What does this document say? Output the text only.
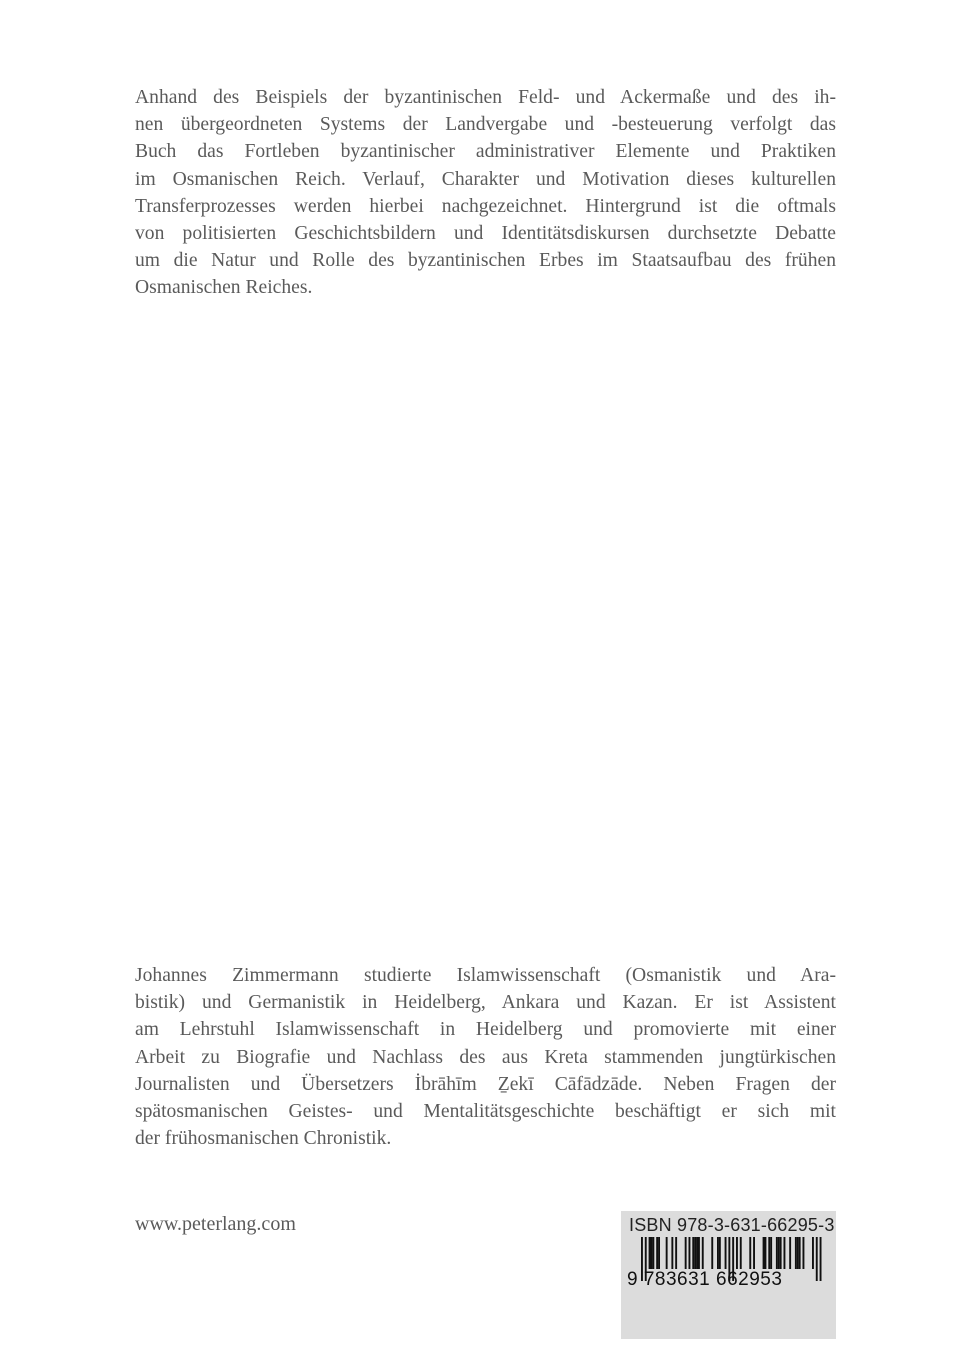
Anhand des Beispiels der byzantinischen Feld- und Ackermaße und des ih-
nen übergeordneten Systems der Landvergabe und -besteuerung verfolgt das
Buch das Fortleben byzantinischer administrativer Elemente und Praktiken
im Osmanischen Reich. Verlauf, Charakter und Motivation dieses kulturellen
Transferprozesses werden hierbei nachgezeichnet. Hintergrund ist die oftmals
von politisierten Geschichtsbildern und Identitätsdiskursen durchsetzte Debatte
um die Natur und Rolle des byzantinischen Erbes im Staatsaufbau des frühen
Osmanischen Reiches.
Johannes Zimmermann studierte Islamwissenschaft (Osmanistik und Ara-
bistik) und Germanistik in Heidelberg, Ankara und Kazan. Er ist Assistent
am Lehrstuhl Islamwissenschaft in Heidelberg und promovierte mit einer
Arbeit zu Biografie und Nachlass des aus Kreta stammenden jungtürkischen
Journalisten und Übersetzers İbrāhīm Ẕekī Cāfādzāde. Neben Fragen der
spätosmanischen Geistes- und Mentalitätsgeschichte beschäftigt er sich mit
der frühosmanischen Chronistik.
www.peterlang.com	ISBN 978-3-631-66295-3
9 783631 662953
